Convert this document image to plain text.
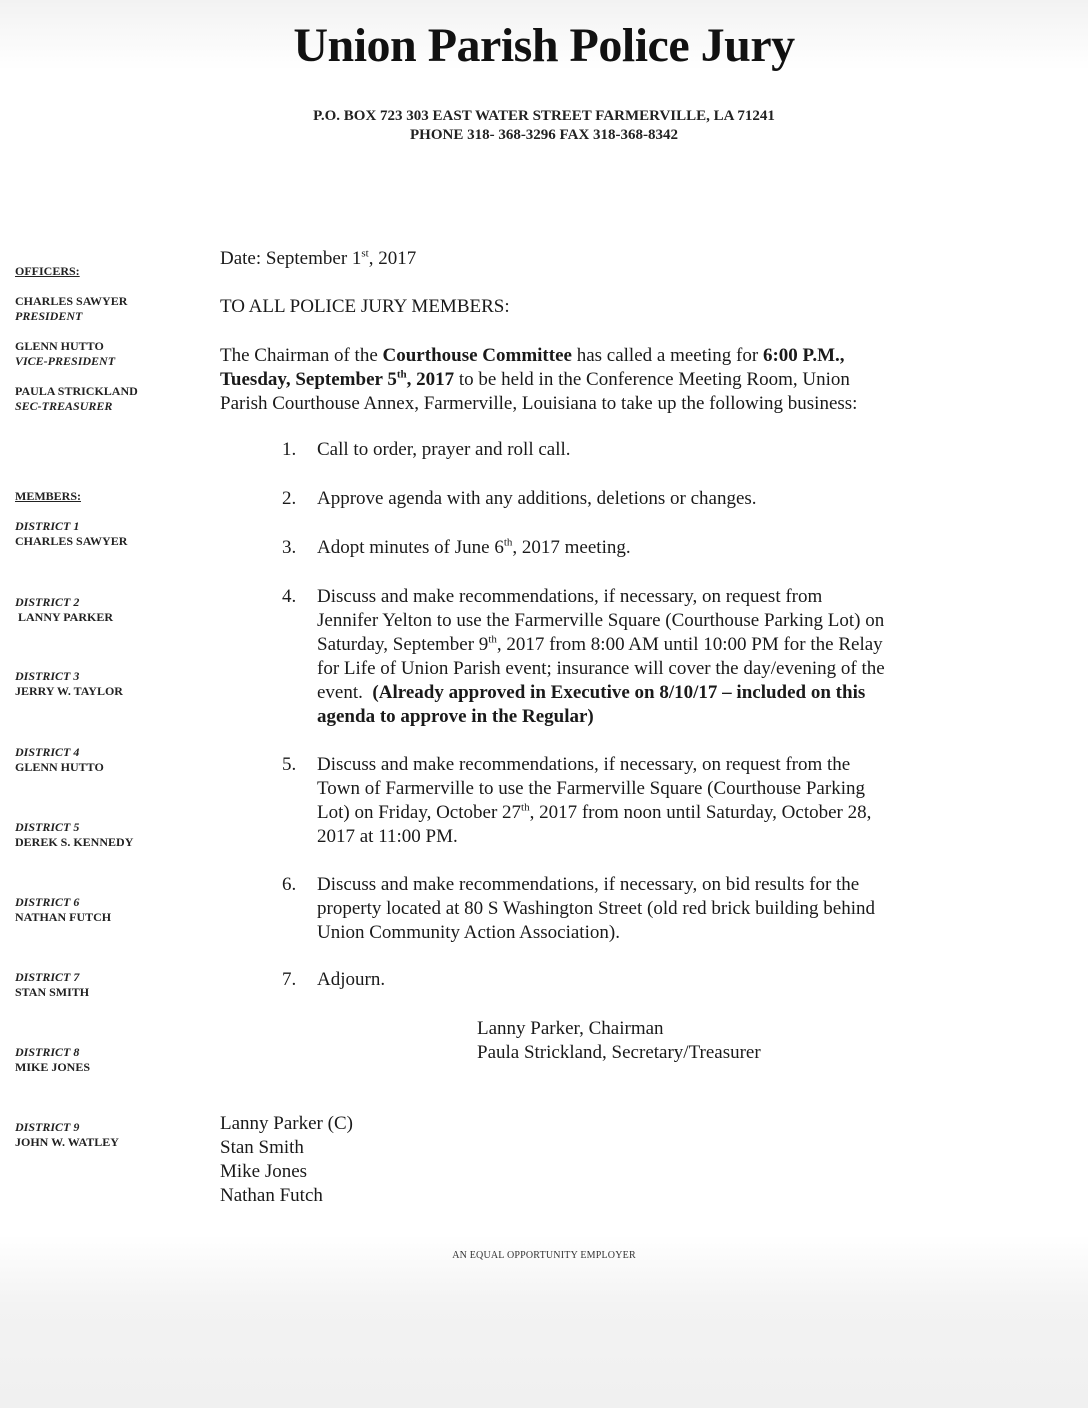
Union Parish Police Jury
P.O. BOX 723 303 EAST WATER STREET FARMERVILLE, LA 71241
PHONE 318- 368-3296 FAX 318-368-8342
OFFICERS:
CHARLES SAWYER
PRESIDENT
GLENN HUTTO
VICE-PRESIDENT
PAULA STRICKLAND
SEC-TREASURER
MEMBERS:
DISTRICT 1
CHARLES SAWYER
DISTRICT 2
LANNY PARKER
DISTRICT 3
JERRY W. TAYLOR
DISTRICT 4
GLENN HUTTO
DISTRICT 5
DEREK S. KENNEDY
DISTRICT 6
NATHAN FUTCH
DISTRICT 7
STAN SMITH
DISTRICT 8
MIKE JONES
DISTRICT 9
JOHN W. WATLEY
Date: September 1st, 2017
TO ALL POLICE JURY MEMBERS:
The Chairman of the Courthouse Committee has called a meeting for 6:00 P.M.,
Tuesday, September 5th, 2017 to be held in the Conference Meeting Room, Union
Parish Courthouse Annex, Farmerville, Louisiana to take up the following business:
1.	Call to order, prayer and roll call.
2.	Approve agenda with any additions, deletions or changes.
3.	Adopt minutes of June 6th, 2017 meeting.
4.	Discuss and make recommendations, if necessary, on request from
Jennifer Yelton to use the Farmerville Square (Courthouse Parking Lot) on
Saturday, September 9th, 2017 from 8:00 AM until 10:00 PM for the Relay
for Life of Union Parish event; insurance will cover the day/evening of the
event.  (Already approved in Executive on 8/10/17 – included on this
agenda to approve in the Regular)
5.	Discuss and make recommendations, if necessary, on request from the
Town of Farmerville to use the Farmerville Square (Courthouse Parking
Lot) on Friday, October 27th, 2017 from noon until Saturday, October 28,
2017 at 11:00 PM.
6.	Discuss and make recommendations, if necessary, on bid results for the
property located at 80 S Washington Street (old red brick building behind
Union Community Action Association).
7.	Adjourn.
Lanny Parker, Chairman
Paula Strickland, Secretary/Treasurer
Lanny Parker (C)
Stan Smith
Mike Jones
Nathan Futch
AN EQUAL OPPORTUNITY EMPLOYER
